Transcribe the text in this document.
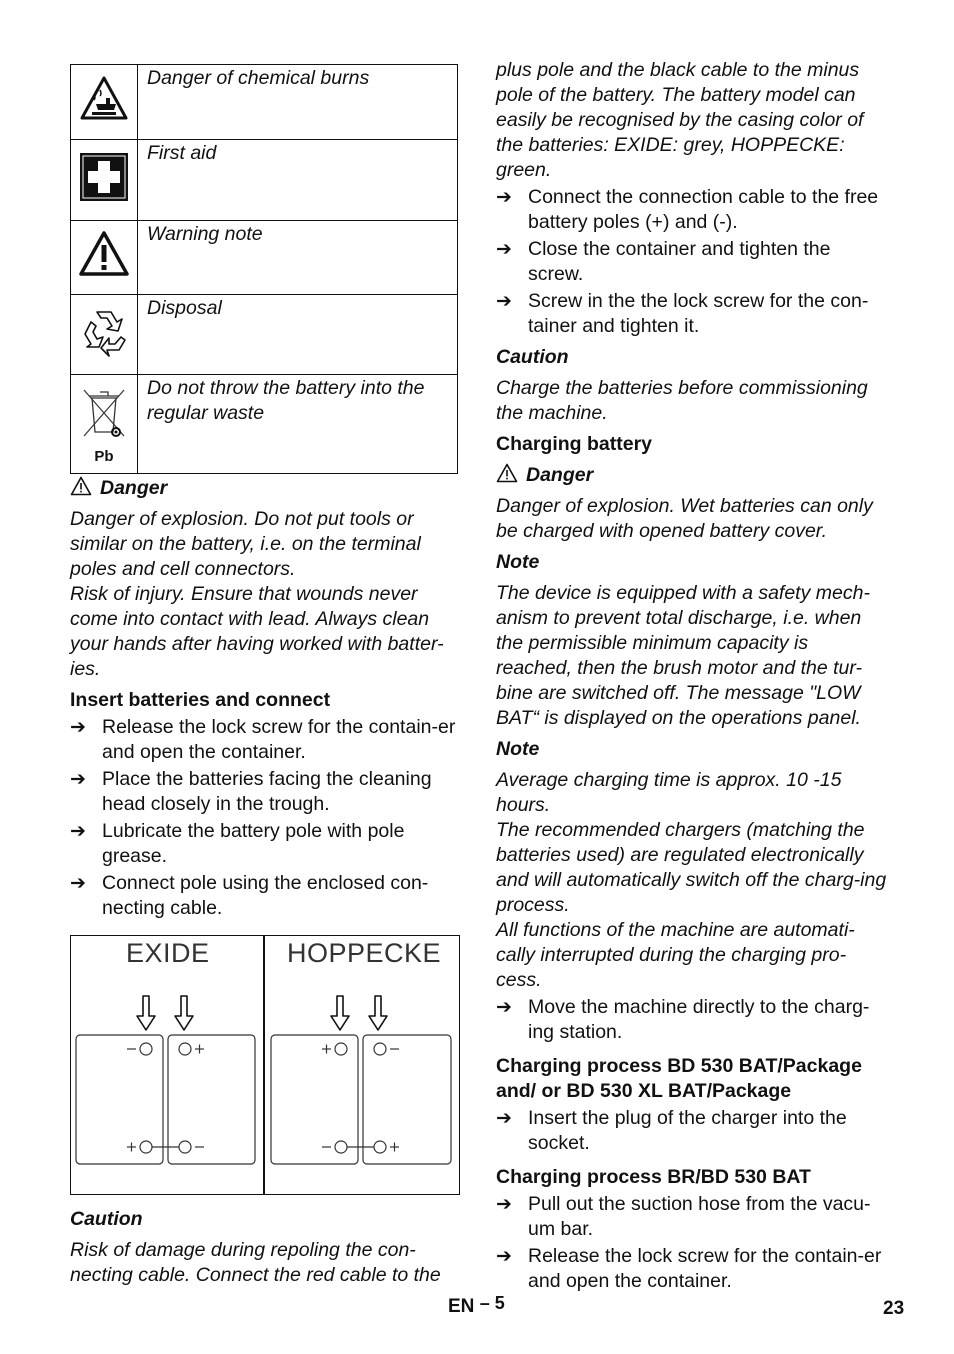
	Danger of chemical burns
	First aid
	Warning note
	Disposal

Pb	Do not throw the battery into the regular waste

Danger

Danger of explosion. Do not put tools or similar on the battery, i.e. on the terminal poles and cell connectors.

Risk of injury. Ensure that wounds never come into contact with lead. Always clean your hands after having worked with batter-ies.

Insert batteries and connect

➔ Release the lock screw for the contain-er and open the container.
➔ Place the batteries facing the cleaning head closely in the trough.
➔ Lubricate the battery pole with pole grease.
➔ Connect pole using the enclosed con-necting cable.
EXIDE	HOPPECKE

Caution

Risk of damage during repoling the con-necting cable. Connect the red cable to the

plus pole and the black cable to the minus pole of the battery. The battery model can easily be recognised by the casing color of the batteries: EXIDE: grey, HOPPECKE: green.

➔ Connect the connection cable to the free battery poles (+) and (-).
➔ Close the container and tighten the screw.
➔ Screw in the the lock screw for the con-tainer and tighten it.

Caution

Charge the batteries before commissioning the machine.

Charging battery

Danger

Danger of explosion. Wet batteries can only be charged with opened battery cover.

Note

The device is equipped with a safety mech-anism to prevent total discharge, i.e. when the permissible minimum capacity is reached, then the brush motor and the tur-bine are switched off. The message "LOW BAT“ is displayed on the operations panel.

Note

Average charging time is approx. 10 -15 hours.

The recommended chargers (matching the batteries used) are regulated electronically and will automatically switch off the charg-ing process.

All functions of the machine are automati-cally interrupted during the charging pro-cess.

➔ Move the machine directly to the charg-ing station.

Charging process BD 530 BAT/Package and/ or BD 530 XL BAT/Package

➔ Insert the plug of the charger into the socket.

Charging process BR/BD 530 BAT

➔ Pull out the suction hose from the vacu-um bar.
➔ Release the lock screw for the contain-er and open the container.
EN – 5	23
